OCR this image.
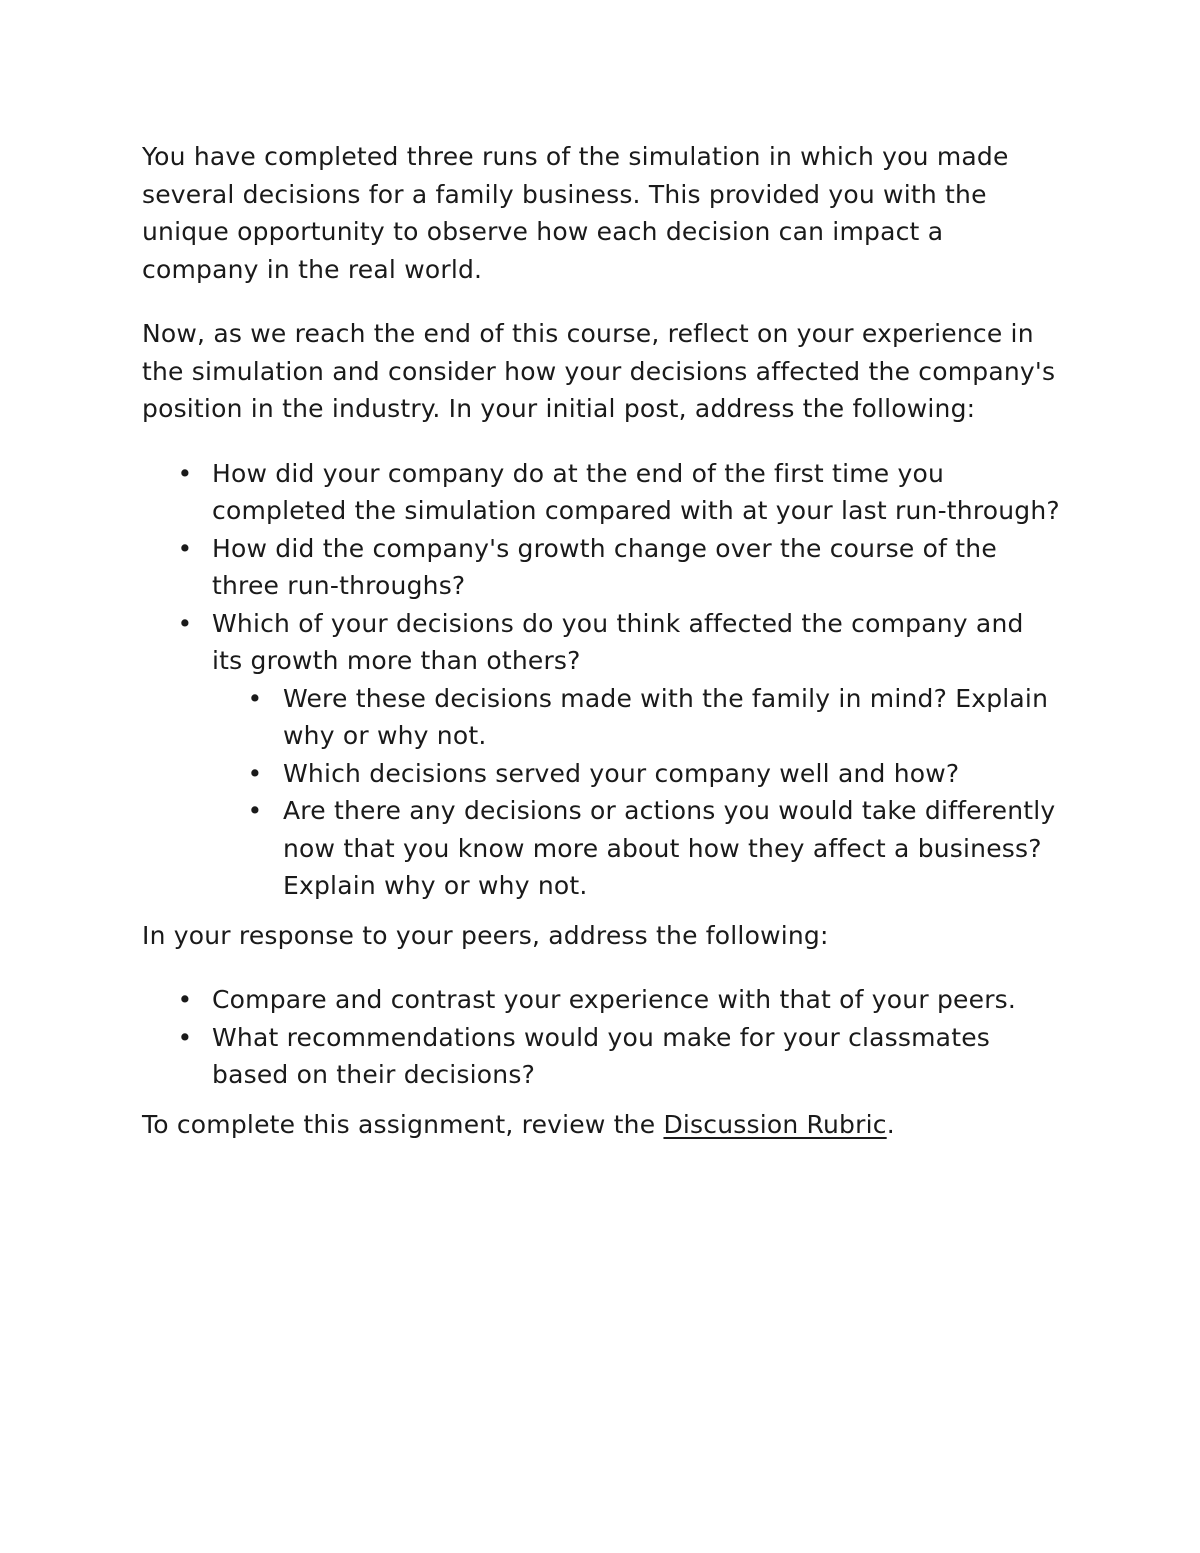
You have completed three runs of the simulation in which you made several decisions for a family business. This provided you with the unique opportunity to observe how each decision can impact a company in the real world.

Now, as we reach the end of this course, reflect on your experience in the simulation and consider how your decisions affected the company's position in the industry. In your initial post, address the following:

• How did your company do at the end of the first time you completed the simulation compared with at your last run-through?
• How did the company's growth change over the course of the three run-throughs?
• Which of your decisions do you think affected the company and its growth more than others?
• Were these decisions made with the family in mind? Explain why or why not.
• Which decisions served your company well and how?
• Are there any decisions or actions you would take differently now that you know more about how they affect a business? Explain why or why not.

In your response to your peers, address the following:

• Compare and contrast your experience with that of your peers.
• What recommendations would you make for your classmates based on their decisions?

To complete this assignment, review the Discussion Rubric.
